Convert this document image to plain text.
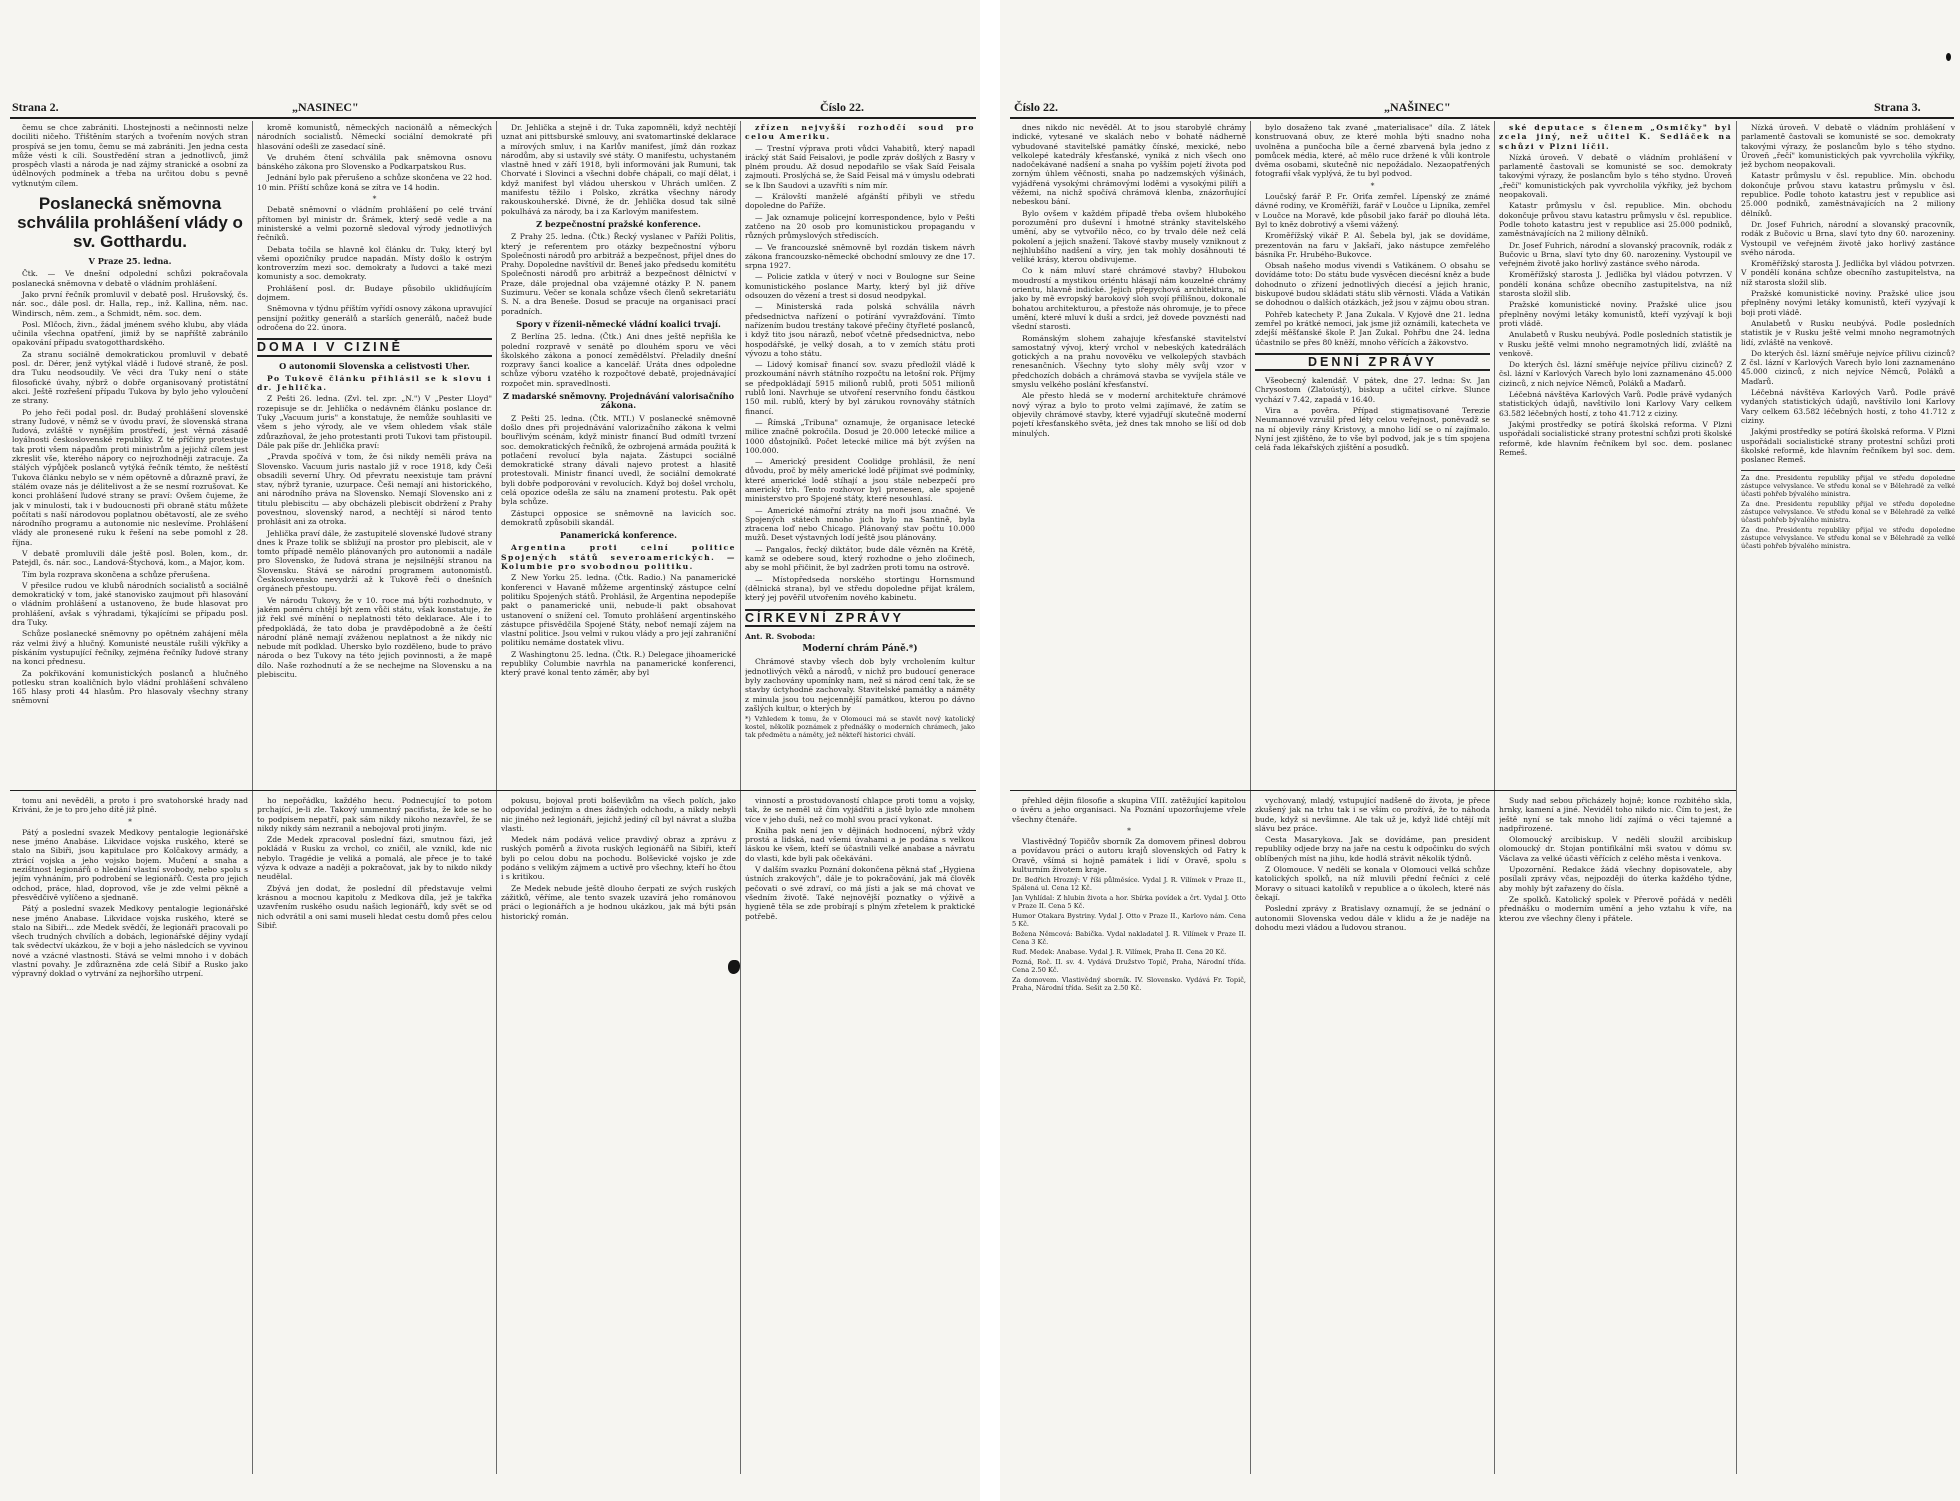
Strana 2.	„NASINEC"	Číslo 22.

čemu se chce zabrániti. Lhostejnosti a nečinnosti nelze dociliti ničeho. Třištěním starých a tvořením nových stran prospívá se jen tomu, čemu se má zabrániti. Jen jedna cesta může vésti k cíli. Soustředění stran a jednotlivců, jimž prospěch vlasti a národa je nad zájmy stranické a osobní za údělnových podmínek a třeba na určitou dobu s pevně vytknutým cílem.

Poslanecká sněmovna schválila prohlášení vlády o sv. Gotthardu.
V Praze 25. ledna.

Čtk. — Ve dnešní odpolední schůzi pokračovala poslanecká sněmovna v debatě o vládním prohlášení.

Jako první řečník promluvil v debatě posl. Hrušovský, čs. nár. soc., dále posl. dr. Halla, rep., inž. Kallina, něm. nac. Windirsch, něm. zem., a Schmidt, něm. soc. dem.

Posl. Mlčoch, živn., žádal jménem svého klubu, aby vláda učinila všechna opatření, jimiž by se napříště zabránilo opakování případu svatogotthardského.

Za stranu sociálně demokratickou promluvil v debatě posl. dr. Dérer, jenž vytýkal vládě i ľudové straně, že posl. dra Tuku neodsoudily. Ve věci dra Tuky není o státe filosofické úvahy, nýbrž o dobře organisovaný protistátní akci. Ještě rozřešení případu Tukova by bylo jeho vyloučení ze strany.

Po jeho řeči podal posl. dr. Budaý prohlášení slovenské strany ľudové, v němž se v úvodu praví, že slovenská strana ľudová, zvláště v nynějším prostředí, jest věrná zásadě loyálnosti československé republiky. Z té příčiny protestuje tak proti všem nápadům proti ministrům a jejichž cílem jest zkreslit vše, kterého nápory co nejrozhodněji zatracuje. Za stálých výpůjček poslanců vytýká řečník témto, že neštěstí Tukova článku nebylo se v ném opětovně a důrazně praví, že stálém ovaze nás je délitelivost a že se nesmí rozrušovat. Ke konci prohlášení ľudové strany se praví: Ovšem čujeme, že jak v minulosti, tak i v budoucnosti při obraně státu můžete počítati s naší národovou poplatnou obětavostí, ale ze svého národního programu a autonomie nic neslevíme. Prohlášení vlády ale pronesené ruku k řešení na sebe pomohl z 28. října.

V debatě promluvili dále ještě posl. Bolen, kom., dr. Patejdl, čs. nár. soc., Landová-Štychová, kom., a Major, kom.

Tím byla rozprava skončena a schůze přerušena.

V přesilce rudou ve klubů národních socialistů a sociálně demokratický v tom, jaké stanovisko zaujmout při hlasování o vládním prohlášení a ustanoveno, že bude hlasovat pro prohlášení, avšak s výhradami, týkajícími se případu posl. dra Tuky.

Schůze poslanecké sněmovny po opětném zahájení měla ráz velmi živý a hlučný. Komunisté neustále rušili výkřiky a pískáním vystupující řečníky, zejména řečníky ľudové strany na konci přednesu.

Za pokřikování komunistických poslanců a hlučného potlesku stran koaličních bylo vládní prohlášení schváleno 165 hlasy proti 44 hlasům. Pro hlasovaly všechny strany sněmovní

kromě komunistů, německých nacionálů a německých národních socialistů. Německí sociální demokraté při hlasování odešli ze zasedací síně.

Ve druhém čtení schválila pak sněmovna osnovu bánského zákona pro Slovensko a Podkarpatskou Rus.

Jednání bylo pak přerušeno a schůze skončena ve 22 hod. 10 min. Příští schůze koná se zítra ve 14 hodin.

*

Debatě sněmovní o vládním prohlášení po celé trvání přítomen byl ministr dr. Šrámek, který sedě vedle a na ministerské a velmi pozorně sledoval výrody jednotlivých řečníků.

Debata točila se hlavně kol článku dr. Tuky, který byl všemi opozičníky prudce napadán. Místy došlo k ostrým kontroverzím mezi soc. demokraty a ľudovci a také mezi komunisty a soc. demokraty.

Prohlášení posl. dr. Budaye působilo uklidňujícím dojmem.

Sněmovna v týdnu příštím vyřídí osnovy zákona upravující pensijní požitky generálů a starších generálů, načež bude odročena do 22. února.

DOMA I V CIZINĚ
O autonomii Slovenska a celistvosti Uher.

Po Tukově článku přihlásil se k slovu i dr. Jehlička.

Z Pešti 26. ledna. (Zvl. tel. zpr. „N.") V „Pester Lloyd" rozepisuje se dr. Jehlička o nedávném článku poslance dr. Tuky „Vacuum juris" a konstatuje, že nemůže souhlasiti ve všem s jeho výrody, ale ve všem ohledem však stále zdůrazňoval, že jeho protestanti proti Tukovi tam přistoupil. Dále pak píše dr. Jehlička praví:

„Pravda spočívá v tom, že čsi nikdy neměli práva na Slovensko. Vacuum juris nastalo již v roce 1918, kdy Češi obsadili severní Uhry. Od převratu neexistuje tam právní stav, nýbrž tyranie, uzurpace. Češi nemají ani historického, ani národního práva na Slovensko. Nemají Slovensko ani z titulu plebiscitu — aby obcházeli plebiscit obdržení z Prahy povestnou, slovenský narod, a nechtějí si národ tento prohlásit ani za otroka.

Jehlička praví dále, že zastupitelé slovenské ľudové strany dnes k Praze tolik se sbližují na prostor pro plebiscit, ale v tomto případě nemělo plánovaných pro autonomii a nadále pro Slovensko, že ľudová strana je nejsilnější stranou na Slovensku. Stává se národní programem autonomistů. Československo nevydrží až k Tukově řeči o dnešních orgánech přestoupu.

Ve národu Tukovy, že v 10. roce má býti rozhodnuto, v jakém poměru chtějí být zem vůči státu, však konstatuje, že již řekl své mínění o neplatnosti této deklarace. Ale i to předpokládá, že tato doba je pravděpodobně a že čeští národní pláně nemají zváženou neplatnost a že nikdy nic nebude mít podklad. Uhersko bylo rozděleno, bude to právo národa o bez Tukovy na této jejich povinnosti, a že mapě dílo. Naše rozhodnutí a že se nechejme na Slovensku a na plebiscitu.

Dr. Jehlička a stejně i dr. Tuka zapomněli, když nechtějí uznat ani pittsburské smlouvy, ani svatomartinské deklarace a mírových smluv, i na Karlův manifest, jímž dán rozkaz národům, aby si ustavily své státy. O manifestu, uchystaném vlastně hned v září 1918, byli informováni jak Rumuni, tak Chorvaté i Slovinci a všechni dobře chápali, co mají dělat, i když manifest byl vládou uherskou v Uhrách umlčen. Z manifestu těžilo i Polsko, zkrátka všechny národy rakouskouherské. Divné, že dr. Jehlička dosud tak silně pokulhává za národy, ba i za Karlovým manifestem.

Z bezpečnostní pražské konference.

Z Prahy 25. ledna. (Čtk.) Řecký vyslanec v Paříži Politis, který je referentem pro otázky bezpečnostní výboru Společnosti národů pro arbitráž a bezpečnost, přijel dnes do Prahy. Dopoledne navštívil dr. Beneš jako předsedu komitétu Společnosti národů pro arbitráž a bezpečnost dělnictví v Praze, dále projednal oba vzájemné otázky P. N. panem Suzimuru. Večer se konala schůze všech členů sekretariátu S. N. a dra Beneše. Dosud se pracuje na organisaci prací poradních.

Spory v řízenii-německé vládní koalici trvají.

Z Berlína 25. ledna. (Čtk.) Ani dnes ještě nepřišla ke polední rozpravě v senátě po dlouhém sporu ve věci školského zákona a ponocí zemědělství. Přeladily dnešní rozpravy šanci koalice a kancelář. Uráta dnes odpoledne schůze výboru vzatého k rozpočtové debatě, projednávající rozpočet min. spravedlnosti.

Z madarské sněmovny. Projednávání valorisačního zákona.

Z Pešti 25. ledna. (Čtk. MTI.) V poslanecké sněmovně došlo dnes při projednávání valorizačního zákona k velmi bouřlivým scénám, když ministr financí Bud odmítl tvrzení soc. demokratických řečníků, že ozbrojená armáda použitá k potlačení revolucí byla najata. Zástupci sociálně demokratické strany dávali najevo protest a hlasitě protestovali. Ministr financí uvedl, že sociální demokraté byli dobře podporováni v revolucích. Když boj došel vrcholu, celá opozice odešla ze sálu na znamení protestu. Pak opět byla schůze.

Zástupci opposice se sněmovně na lavicích soc. demokratů způsobili skandál.

Panamerická konference.

Argentina proti celní politice Spojených států severoamerických. — Kolumbie pro svobodnou politiku.

Z New Yorku 25. ledna. (Čtk. Radio.) Na panamerické konferenci v Havaně můžeme argentinský zástupce celní politiku Spojených států. Prohlásil, že Argentina nepodepíše pakt o panamerické unii, nebude-li pakt obsahovat ustanovení o snížení cel. Tomuto prohlášení argentinského zástupce přisvědčila Spojené Státy, neboť nemají zájem na vlastní politice. Jsou velmi v rukou vlády a pro její zahraniční politiku nemáme dostatek vlivu.

Z Washingtonu 25. ledna. (Čtk. R.) Delegace jihoamerické republiky Columbie navrhla na panamerické konferenci, který pravé konal tento záměr, aby byl

zřízen nejvyšší rozhodčí soud pro celou Ameriku.

— Trestní výprava proti vůdci Vahabitů, který napadl irácký stát Saíd Feisalovi, je podle zpráv došlých z Basry v plném proudu. Až dosud nepodařilo se však Saíd Feisala zajmouti. Proslýchá se, že Saíd Feisal má v úmyslu odebrati se k Ibn Saudovi a uzavříti s ním mír.

— Královští manželé afgánští přibyli ve středu dopoledne do Paříže.

— Jak oznamuje policejní korrespondence, bylo v Pešti zatčeno na 20 osob pro komunistickou propagandu v různých průmyslových střediscích.

— Ve francouzské sněmovně byl rozdán tiskem návrh zákona francouzsko-německé obchodní smlouvy ze dne 17. srpna 1927.

— Policie zatkla v úterý v noci v Boulogne sur Seine komunistického poslance Marty, který byl již dříve odsouzen do vězení a trest si dosud neodpykal.

— Ministerská rada polská schválila návrh předsednictva nařízení o potírání vyvražďování. Tímto nařízením budou trestány takové přečiny čtyřleté poslanců, i když tito jsou nárazů, neboť včetně předsednictva, nebo hospodářské, je velký dosah, a to v zemích státu proti vývozu a toho státu.

— Lidový komisař financí sov. svazu předložil vládě k prozkoumání návrh státního rozpočtu na letošní rok. Příjmy se předpokládají 5915 milionů rublů, proti 5051 milionů rublů loni. Navrhuje se utvoření reservního fondu částkou 150 mil. rublů, který by byl zárukou rovnováhy státních financí.

— Římská „Tribuna" oznamuje, že organisace letecké milice značně pokročila. Dosud je 20.000 letecké milice a 1000 důstojníků. Počet letecké milice má být zvýšen na 100.000.

— Americký president Coolidge prohlásil, že není důvodu, proč by měly americké lodě přijímat své podmínky, které americké lodě stíhají a jsou stále nebezpečí pro americký trh. Tento rozhovor byl pronesen, ale spojeně ministerstvo pro Spojené státy, které nesouhlasí.

— Americké námořní ztráty na moři jsou značné. Ve Spojených státech mnoho jich bylo na Santině, byla ztracena loď nebo Chicago. Plánovaný stav počtu 10.000 mužů. Deset výstavných lodí ještě jsou plánovány.

— Pangalos, řecký diktátor, bude dále vězněn na Krétě, kamž se odebere soud, který rozhodne o jeho zločinech, aby se mohl přičinit, že byl zadržen proti tomu na ostrově.

— Místopředseda norského stortingu Hornsmund (dělnická strana), byl ve středu dopoledne přijat králem, který jej pověřil utvořením nového kabinetu.

CÍRKEVNÍ ZPRÁVY

Ant. R. Svoboda:

Moderní chrám Páně.*)

Chrámové stavby všech dob byly vrcholením kultur jednotlivých věků a národů, v nichž pro budoucí generace byly zachovány upomínky nam, než si národ cení tak, že se stavby úctyhodné zachovaly. Stavitelské památky a náměty z minula jsou tou nejcennější památkou, kterou po dávno zašlých kultur, o kterých by

*) Vzhledem k tomu, že v Olomouci má se stavět nový katolický kostel, několik poznámek z přednášky o moderních chrámech, jako tak předmětu a náměty, jež někteří historici chválí.

tomu ani nevěděli, a proto i pro svatohorské hrady nad Kriváni, že je to pro jeho dítě již plně.

*

Pátý a poslední svazek Medkovy pentalogie legionářské nese jméno Anabáse. Likvidace vojska ruského, které se stalo na Sibiři, jsou kapitulace pro Kolčakovy armády, a ztrácí vojska a jeho vojsko bojem. Mučení a snaha a nezištnost legionářů o hledání vlastní svobody, nebo spolu s jejím vyhnáním, pro podrobení se legionářů. Cesta pro jejich odchod, práce, hlad, doprovod, vše je zde velmi pěkně a přesvědčivě vylíčeno a sjednaně.

Pátý a poslední svazek Medkovy pentalogie legionářské nese jméno Anabase. Likvidace vojska ruského, které se stalo na Sibiři... zde Medek svědčí, že legionáři pracovali po všech trudných chvílích a dobách, legionářské dějiny vydají tak svědectví ukázkou, že v boji a jeho následcích se vyvinou nové a vzácné vlastnosti. Stává se velmi mnoho i v dobách vlastní povahy. Je zdůrazněna zde celá Sibiř a Rusko jako výpravný doklad o vytrvání za nejhoršího utrpení.

ho nepořádku, každého hecu. Podnecující to potom prchající, je-li zle. Takový ummentný pacifista, že kde se ho to podpisem nepatří, pak sám nikdy nikoho nezavřel, že se nikdy nikdy sám nezranil a nebojoval proti jiným.

Zde Medek zpracoval poslední fázi, smutnou fázi, jež pokládá v Rusku za vrchol, co zničil, ale vznikl, kde nic nebylo. Tragédie je veliká a pomalá, ale přece je to také výzva k odvaze a naději a pokračovat, jak by to nikdo nikdy neudělal.

Zbývá jen dodat, že poslední díl představuje velmi krásnou a mocnou kapitolu z Medkova díla, jež je takřka uzavřením ruského osudu našich legionářů, kdy svět se od nich odvrátil a oni sami museli hledat cestu domů přes celou Sibiř.

pokusu, bojoval proti bolševikům na všech polích, jako odpovídal jediným a dnes žádných odchodu, a nikdy nebyli nic jiného než legionáři, jejichž jediný cíl byl návrat a služba vlasti.

Medek nám podává velice pravdivý obraz a zprávu z ruských poměrů a života ruských legionářů na Sibiři, kteří byli po celou dobu na pochodu. Bolševické vojsko je zde podáno s velikým zájmem a uctivě pro všechny, kteří ho čtou i s kritikou.

Ze Medek nebude ještě dlouho čerpati ze svých ruských zážitků, věříme, ale tento svazek uzavírá jeho románovou práci o legionářích a je hodnou ukázkou, jak má býti psán historický román.

vinností a prostudovaností chlapce proti tomu a vojsky, tak, že se neměl už čím vyjádřiti a jistě bylo zde mnohem více v jeho duši, než co mohl svou prací vykonat.

Kniha pak není jen v dějinách hodnocení, nýbrž vždy prostá a lidská, nad všemi úvahami a je podána s velkou láskou ke všem, kteří se účastnili velké anabase a návratu do vlasti, kde byli pak očekáváni.

V dalším svazku Poznání dokončena pěkná stať „Hygiena ústních zrakových", dále je to pokračování, jak má člověk pečovati o své zdraví, co má jísti a jak se má chovat ve všedním životě. Také nejnovější poznatky o výživě a hygieně těla se zde probírají s plným zřetelem k praktické potřebě.

Číslo 22.	„NAŠINEC"	Strana 3.

dnes nikdo nic nevěděl. At to jsou starobylé chrámy indické, vytesané ve skalách nebo v bohatě nádherně vybudované staviteľské památky čínské, mexické, nebo velkolepé katedrály křesťanské, vyniká z nich všech ono nadočekávané nadšení a snaha po vyšším pojetí života pod zorným úhlem věčnosti, snaha po nadzemských výšinách, vyjádřená vysokými chrámovými loděmi a vysokými pilíři a věžemi, na nichž spočívá chrámová klenba, znázorňující nebeskou bání.

Bylo ovšem v každém případě třeba ovšem hlubokého porozumění pro duševní i hmotné stránky stavitelského umění, aby se vytvořilo něco, co by trvalo déle než celá pokolení a jejich snažení. Takové stavby musely vzniknout z nejhlubšího nadšení a víry, jen tak mohly dosáhnouti té veliké krásy, kterou obdivujeme.

Co k nám mluví staré chrámové stavby? Hlubokou moudrostí a mystikou oriéntu hlásají nám kouzelné chrámy orientu, hlavně indické. Jejich přepychová architektura, ní jako by mě evropský barokový sloh svojí přílišnou, dokonale bohatou architekturou, a přestože nás ohromuje, je to přece umění, které mluví k duši a srdci, jež dovede povznésti nad všední starosti.

Románským slohem zahajuje křesťanské stavitelství samostatný vývoj, který vrchol v nebeských katedrálách gotických a na prahu novověku ve velkolepých stavbách renesančních. Všechny tyto slohy měly svůj vzor v předchozích dobách a chrámová stavba se vyvíjela stále ve smyslu velkého poslání křesťanství.

Ale přesto hledá se v moderní architektuře chrámové nový výraz a bylo to proto velmi zajímavé, že zatím se objevily chrámové stavby, které vyjadřují skutečně moderní pojetí křesťanského světa, jež dnes tak mnoho se liší od dob minulých.

bylo dosaženo tak zvané „materialisace" díla. Z látek konstruovaná obuv, ze které mohla býti snadno noha uvolněna a punčocha bíle a černé zbarvená byla jedno z pomůcek média, které, ač mělo ruce držené k vůli kontrole dvěma osobami, skutečně nic nepožádalo. Nezaopatřených fotografií však vyplývá, že tu byl podvod.

*

Loučský farář P. Fr. Oriťa zemřel. Lípenský ze známé dávné rodiny, ve Kroměříži, farář v Loučce u Lipníka, zemřel v Loučce na Moravě, kde působil jako farář po dlouhá léta. Byl to kněz dobrotivý a všemi vážený.

Kroměřížský vikář P. Al. Šebela byl, jak se dovídáme, prezentován na faru v Jakšaří, jako nástupce zemřelého básníka Fr. Hrubého-Bukovce.

Obsah našeho modus vivendi s Vatikánem. O obsahu se dovídáme toto: Do státu bude vysvěcen diecésní kněz a bude dohodnuto o zřízení jednotlivých diecésí a jejich hranic, biskupové budou skládati státu slib věrnosti. Vláda a Vatikán se dohodnou o dalších otázkách, jež jsou v zájmu obou stran.

Pohřeb katechety P. Jana Zukala. V Kyjově dne 21. ledna zemřel po krátké nemoci, jak jsme již oznámili, katecheta ve zdejší měšťanské škole P. Jan Zukal. Pohřbu dne 24. ledna účastnilo se přes 80 kněží, mnoho věřících a žákovstvo.

DENNÍ ZPRÁVY

Všeobecný kalendář. V pátek, dne 27. ledna: Sv. Jan Chrysostom (Zlatoústý), biskup a učitel církve. Slunce vychází v 7.42, zapadá v 16.40.

Vira a pověra. Případ stigmatisované Terezie Neumannové vzrušil před léty celou veřejnost, poněvadž se na ní objevily rány Kristovy, a mnoho lidí se o ní zajímalo. Nyní jest zjištěno, že to vše byl podvod, jak je s tím spojena celá řada lékařských zjištění a posudků.

ské deputace s členem „Osmičky" byl zcela jiný, než učitel K. Sedláček na schůzi v Plzni líčil.

Nízká úroveň. V debatě o vládním prohlášení v parlamentě častovali se komunisté se soc. demokraty takovými výrazy, že poslancům bylo s tého stydno. Úroveň „řečí" komunistických pak vyvrcholila výkřiky, jež bychom neopakovali.

Katastr průmyslu v čsl. republice. Min. obchodu dokončuje průvou stavu katastru průmyslu v čsl. republice. Podle tohoto katastru jest v republice asi 25.000 podniků, zaměstnávajících na 2 miliony dělníků.

Dr. Josef Fuhrich, národní a slovanský pracovník, rodák z Bučovic u Brna, slaví tyto dny 60. narozeniny. Vystoupil ve veřejném životě jako horlivý zastánce svého národa.

Kroměřížský starosta J. Jedlička byl vládou potvrzen. V pondělí konána schůze obecního zastupitelstva, na níž starosta složil slib.

Pražské komunistické noviny. Pražské ulice jsou přeplněny novými letáky komunistů, kteří vyzývají k boji proti vládě.

Anulabetů v Rusku neubývá. Podle posledních statistik je v Rusku ještě velmi mnoho negramotných lidí, zvláště na venkově.

Do kterých čsl. lázní směřuje nejvíce přílivu cizinců? Z čsl. lázní v Karlových Varech bylo loni zaznamenáno 45.000 cizinců, z nich nejvíce Němců, Poláků a Maďarů.

Léčebná návštěva Karlových Varů. Podle právě vydaných statistických údajů, navštívilo loni Karlovy Vary celkem 63.582 léčebných hostí, z toho 41.712 z ciziny.

Jakými prostředky se potírá školská reforma. V Plzni uspořádali socialistické strany protestní schůzi proti školské reformě, kde hlavním řečníkem byl soc. dem. poslanec Remeš.

Nízká úroveň. V debatě o vládním prohlášení v parlamentě častovali se komunisté se soc. demokraty takovými výrazy, že poslancům bylo s tého stydno. Úroveň „řečí" komunistických pak vyvrcholila výkřiky, jež bychom neopakovali.

Katastr průmyslu v čsl. republice. Min. obchodu dokončuje průvou stavu katastru průmyslu v čsl. republice. Podle tohoto katastru jest v republice asi 25.000 podniků, zaměstnávajících na 2 miliony dělníků.

Dr. Josef Fuhrich, národní a slovanský pracovník, rodák z Bučovic u Brna, slaví tyto dny 60. narozeniny. Vystoupil ve veřejném životě jako horlivý zastánce svého národa.

Kroměřížský starosta J. Jedlička byl vládou potvrzen. V pondělí konána schůze obecního zastupitelstva, na níž starosta složil slib.

Pražské komunistické noviny. Pražské ulice jsou přeplněny novými letáky komunistů, kteří vyzývají k boji proti vládě.

Anulabetů v Rusku neubývá. Podle posledních statistik je v Rusku ještě velmi mnoho negramotných lidí, zvláště na venkově.

Do kterých čsl. lázní směřuje nejvíce přílivu cizinců? Z čsl. lázní v Karlových Varech bylo loni zaznamenáno 45.000 cizinců, z nich nejvíce Němců, Poláků a Maďarů.

Léčebná návštěva Karlových Varů. Podle právě vydaných statistických údajů, navštívilo loni Karlovy Vary celkem 63.582 léčebných hostí, z toho 41.712 z ciziny.

Jakými prostředky se potírá školská reforma. V Plzni uspořádali socialistické strany protestní schůzi proti školské reformě, kde hlavním řečníkem byl soc. dem. poslanec Remeš.

Za dne. Presidentu republiky přijal ve středu dopoledne zástupce velvyslance. Ve středu konal se v Bělehradě za velké účasti pohřeb bývalého ministra.

Za dne. Presidentu republiky přijal ve středu dopoledne zástupce velvyslance. Ve středu konal se v Bělehradě za velké účasti pohřeb bývalého ministra.

Za dne. Presidentu republiky přijal ve středu dopoledne zástupce velvyslance. Ve středu konal se v Bělehradě za velké účasti pohřeb bývalého ministra.

přehled dějin filosofie a skupina VIII. zatěžující kapitolou o úvěru a jeho organisaci. Na Poznání upozorňujeme vřele všechny čtenáře.

*

Vlastivědný Topičův sborník Za domovem přinesl dobrou a povídavou práci o autoru krajů slovenských od Fatry k Oravě, všímá si hojně památek i lidí v Oravě, spolu s kulturním životem kraje.

Dr. Bedřich Hrozný: V říši půlměsíce. Vydal J. R. Vilímek v Praze II., Spálená ul. Cena 12 Kč.

Jan Vyhlídal: Z hlubin života a hor. Sbírka povídek a črt. Vydal J. Otto v Praze II. Cena 5 Kč.

Humor Otakara Bystriny. Vydal J. Otto v Praze II., Karlovo nám. Cena 5 Kč.

Božena Němcová: Babička. Vydal nakladatel J. R. Vilímek v Praze II. Cena 3 Kč.

Ruď. Medek: Anabase. Vydal J. R. Vilímek, Praha II. Cena 20 Kč.

Pozná, Roč. II. sv. 4. Vydává Družstvo Topič, Praha, Národní třída. Cena 2.50 Kč.

Za domovem. Vlastivědný sborník. IV. Slovensko. Vydává Fr. Topič, Praha, Národní třída. Sešit za 2.50 Kč.

vychovaný, mladý, vstupující nadšeně do života, je přece zkušený jak na trhu tak i se vším co prožívá, že to náhoda bude, když si nevšimne. Ale tak už je, když lidé chtějí mít slávu bez práce.

Cesta Masarykova. Jak se dovídáme, pan president republiky odjede brzy na jaře na cestu k odpočinku do svých oblíbených míst na jihu, kde hodlá strávit několik týdnů.

Z Olomouce. V neděli se konala v Olomouci velká schůze katolických spolků, na níž mluvili přední řečníci z celé Moravy o situaci katolíků v republice a o úkolech, které nás čekají.

Poslední zprávy z Bratislavy oznamují, že se jednání o autonomii Slovenska vedou dále v klidu a že je naděje na dohodu mezi vládou a ľudovou stranou.

Sudy nad sebou přicházely hojně; konce rozbitého skla, hrnky, kamení a jiné. Neviděl toho nikdo nic. Čím to jest, že ještě nyní se tak mnoho lidí zajímá o věci tajemné a nadpřirozené.

Olomoucký arcibiskup. V neděli sloužil arcibiskup olomoucký dr. Stojan pontifikální mši svatou v dómu sv. Václava za velké účasti věřících z celého města i venkova.

Upozornění. Redakce žádá všechny dopisovatele, aby posílali zprávy včas, nejpozději do úterka každého týdne, aby mohly být zařazeny do čísla.

Ze spolků. Katolický spolek v Přerově pořádá v neděli přednášku o moderním umění a jeho vztahu k víře, na kterou zve všechny členy i přátele.
